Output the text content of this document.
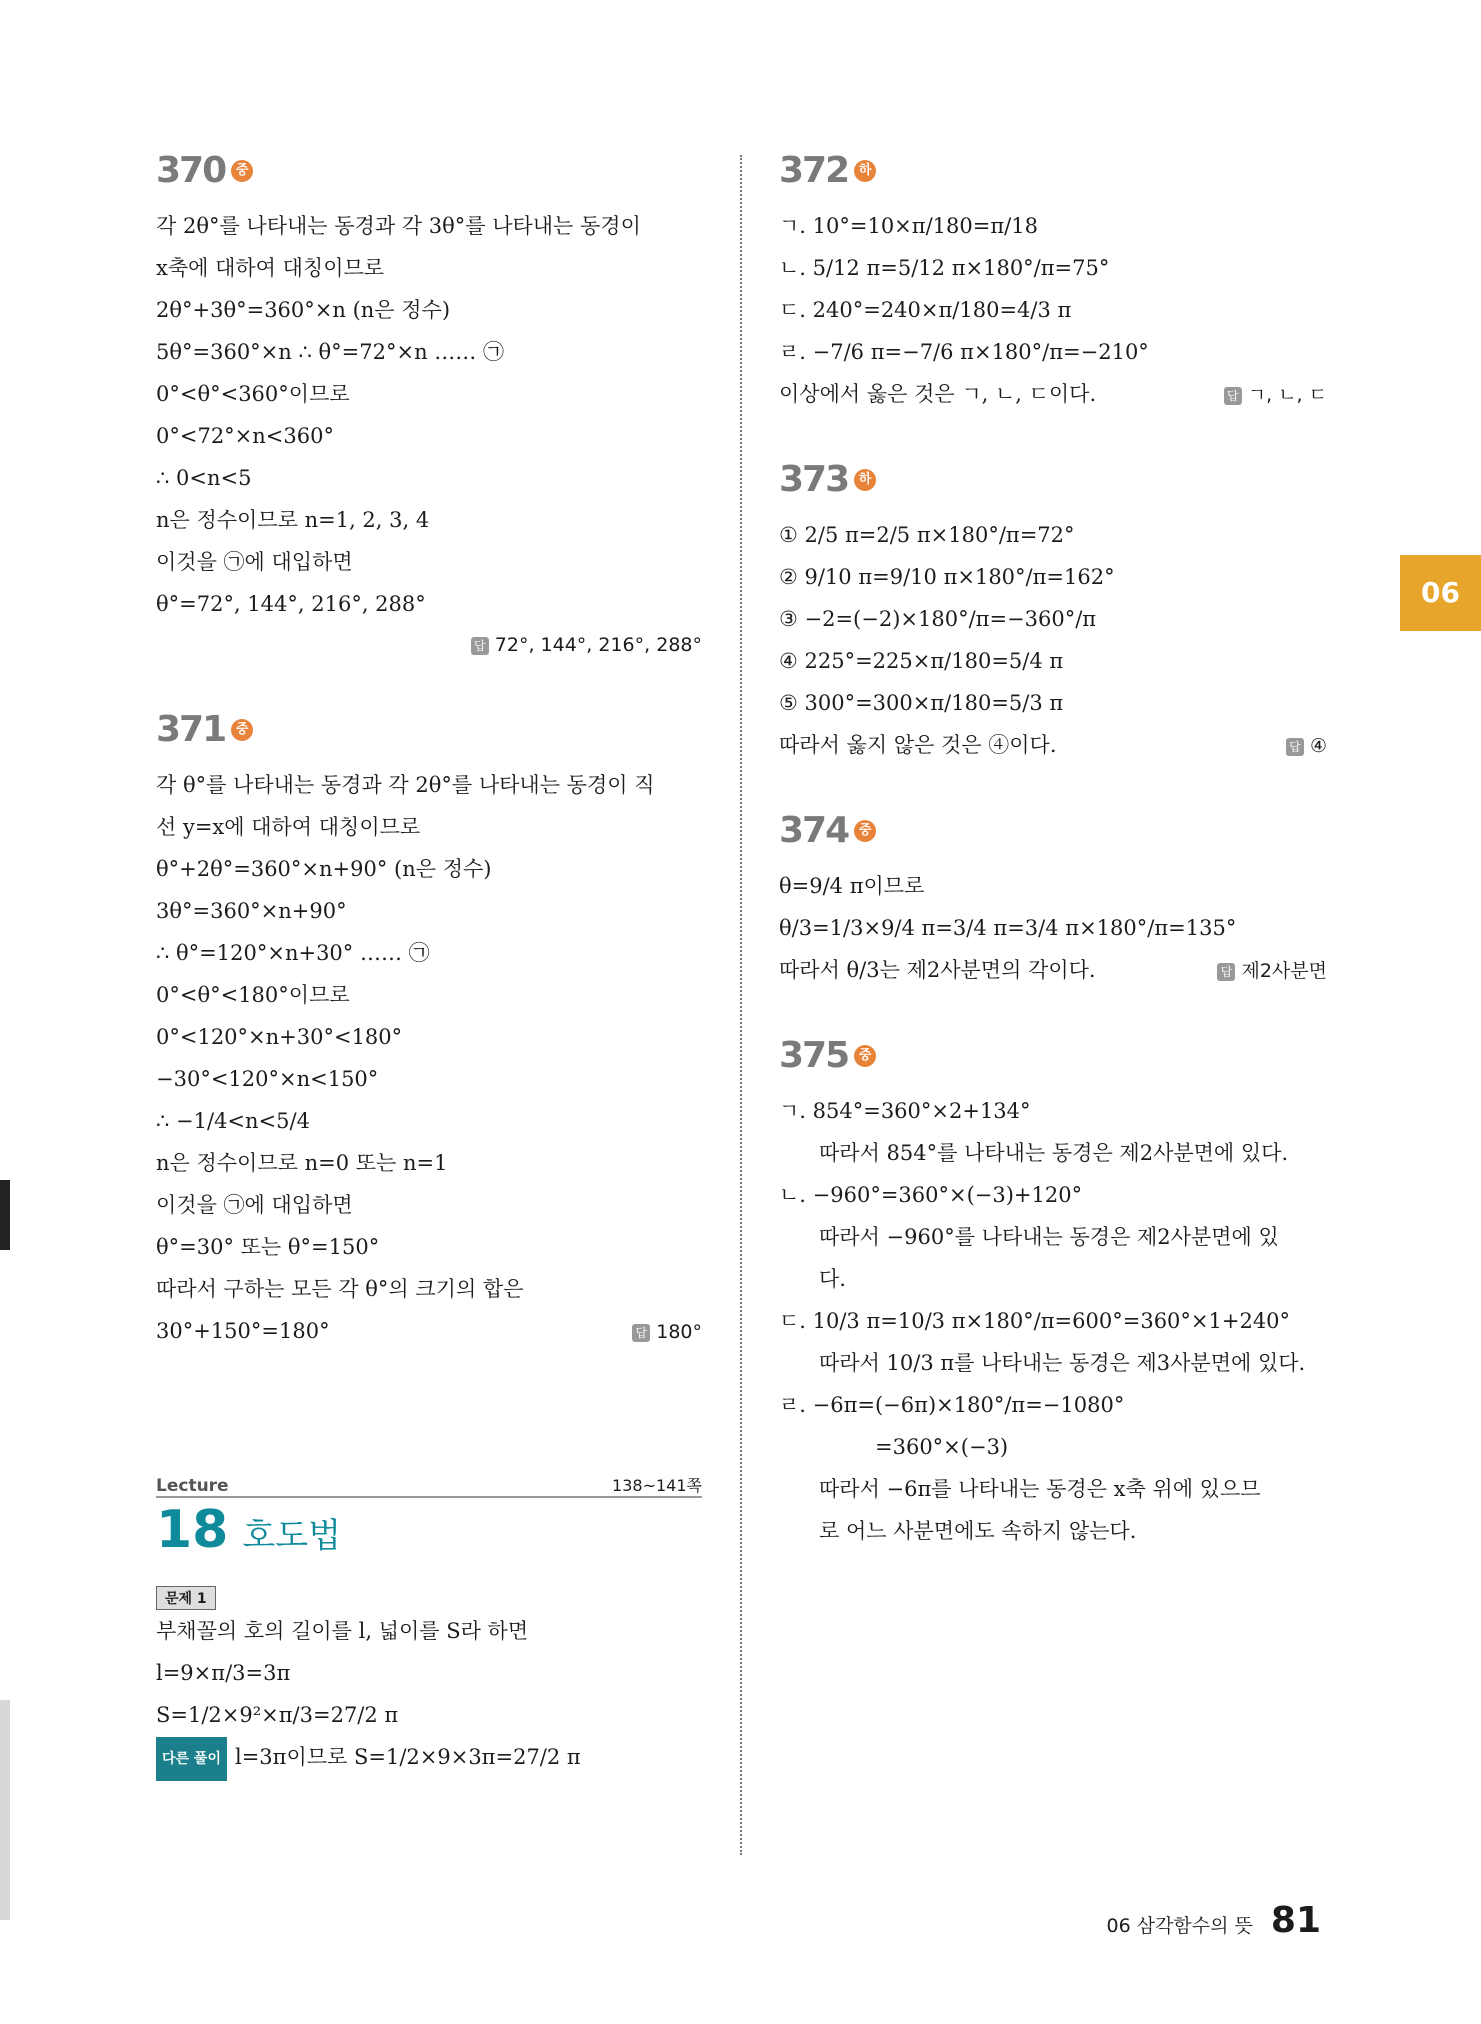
370 중
각 2θ°를 나타내는 동경과 각 3θ°를 나타내는 동경이
x축에 대하여 대칭이므로
2θ°+3θ°=360°×n (n은 정수)
5θ°=360°×n ∴ θ°=72°×n …… ㉠
0°<θ°<360°이므로
0°<72°×n<360°
∴ 0<n<5
n은 정수이므로 n=1, 2, 3, 4
이것을 ㉠에 대입하면
θ°=72°, 144°, 216°, 288°
답 72°, 144°, 216°, 288°
371 중
각 θ°를 나타내는 동경과 각 2θ°를 나타내는 동경이 직
선 y=x에 대하여 대칭이므로
θ°+2θ°=360°×n+90° (n은 정수)
3θ°=360°×n+90°
∴ θ°=120°×n+30° …… ㉠
0°<θ°<180°이므로
0°<120°×n+30°<180°
−30°<120°×n<150°
∴ −1/4<n<5/4
n은 정수이므로 n=0 또는 n=1
이것을 ㉠에 대입하면
θ°=30° 또는 θ°=150°
따라서 구하는 모든 각 θ°의 크기의 합은
30°+150°=180°	답 180°
Lecture	138~141쪽
18 호도법
문제 1
부채꼴의 호의 길이를 l, 넓이를 S라 하면
l=9×π/3=3π
S=1/2×9²×π/3=27/2 π
다른 풀이 l=3π이므로 S=1/2×9×3π=27/2 π
372 하
ㄱ. 10°=10×π/180=π/18
ㄴ. 5/12 π=5/12 π×180°/π=75°
ㄷ. 240°=240×π/180=4/3 π
ㄹ. −7/6 π=−7/6 π×180°/π=−210°
이상에서 옳은 것은 ㄱ, ㄴ, ㄷ이다.	답 ㄱ, ㄴ, ㄷ
373 하
① 2/5 π=2/5 π×180°/π=72°
② 9/10 π=9/10 π×180°/π=162°
③ −2=(−2)×180°/π=−360°/π
④ 225°=225×π/180=5/4 π
⑤ 300°=300×π/180=5/3 π
따라서 옳지 않은 것은 ④이다.	답 ④
374 중
θ=9/4 π이므로
θ/3=1/3×9/4 π=3/4 π=3/4 π×180°/π=135°
따라서 θ/3는 제2사분면의 각이다.	답 제2사분면
375 중
ㄱ. 854°=360°×2+134°
따라서 854°를 나타내는 동경은 제2사분면에 있다.
ㄴ. −960°=360°×(−3)+120°
따라서 −960°를 나타내는 동경은 제2사분면에 있
다.
ㄷ. 10/3 π=10/3 π×180°/π=600°=360°×1+240°
따라서 10/3 π를 나타내는 동경은 제3사분면에 있다.
ㄹ. −6π=(−6π)×180°/π=−1080°
=360°×(−3)
따라서 −6π를 나타내는 동경은 x축 위에 있으므
로 어느 사분면에도 속하지 않는다.
06
06 삼각함수의 뜻 81
